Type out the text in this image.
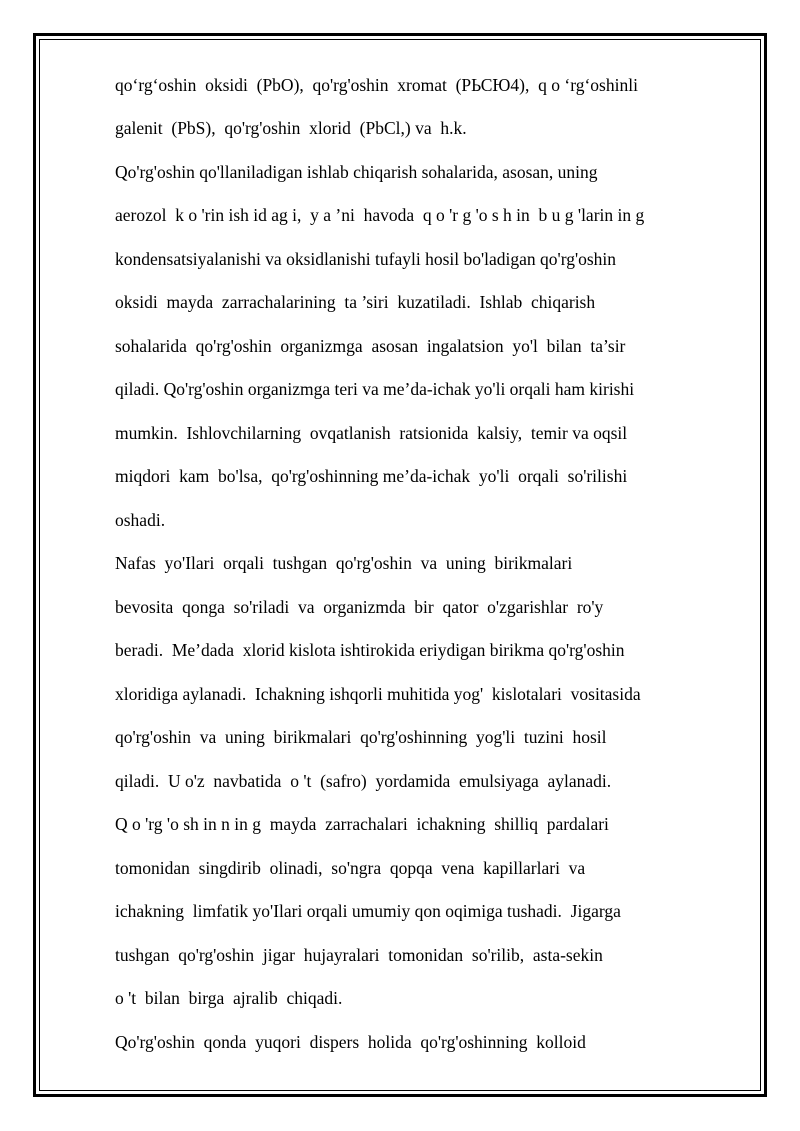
qo‘rg‘oshin  oksidi  (PbO),  qo'rg'oshin  xromat  (PЬСЮ4),  q o ‘rg‘oshinli
galenit  (PbS),  qo'rg'oshin  xlorid  (PbCl,) va  h.k.
Qo'rg'oshin qo'llaniladigan ishlab chiqarish sohalarida, asosan, uning
aerozol  k o 'rin ish id ag i,  y a ’ni  havoda  q o 'r g 'o s h in  b u g 'larin in g
kondensatsiyalanishi va oksidlanishi tufayli hosil bo'ladigan qo'rg'oshin
oksidi  mayda  zarrachalarining  ta ’siri  kuzatiladi.  Ishlab  chiqarish
sohalarida  qo'rg'oshin  organizmga  asosan  ingalatsion  yo'l  bilan  ta’sir
qiladi. Qo'rg'oshin organizmga teri va me’da-ichak yo'li orqali ham kirishi
mumkin.  Ishlovchilarning  ovqatlanish  ratsionida  kalsiy,  temir va oqsil
miqdori  kam  bo'lsa,  qo'rg'oshinning me’da-ichak  yo'li  orqali  so'rilishi
oshadi.
Nafas  yo'Ilari  orqali  tushgan  qo'rg'oshin  va  uning  birikmalari
bevosita  qonga  so'riladi  va  organizmda  bir  qator  o'zgarishlar  ro'y
beradi.  Me’dada  xlorid kislota ishtirokida eriydigan birikma qo'rg'oshin
xloridiga aylanadi.  Ichakning ishqorli muhitida yog'  kislotalari  vositasida
qo'rg'oshin  va  uning  birikmalari  qo'rg'oshinning  yog'li  tuzini  hosil
qiladi.  U o'z  navbatida  o 't  (safro)  yordamida  emulsiyaga  aylanadi.
Q o 'rg 'o sh in n in g  mayda  zarrachalari  ichakning  shilliq  pardalari
tomonidan  singdirib  olinadi,  so'ngra  qopqa  vena  kapillarlari  va
ichakning  limfatik yo'Ilari orqali umumiy qon oqimiga tushadi.  Jigarga
tushgan  qo'rg'oshin  jigar  hujayralari  tomonidan  so'rilib,  asta-sekin
o 't  bilan  birga  ajralib  chiqadi.
Qo'rg'oshin  qonda  yuqori  dispers  holida  qo'rg'oshinning  kolloid
